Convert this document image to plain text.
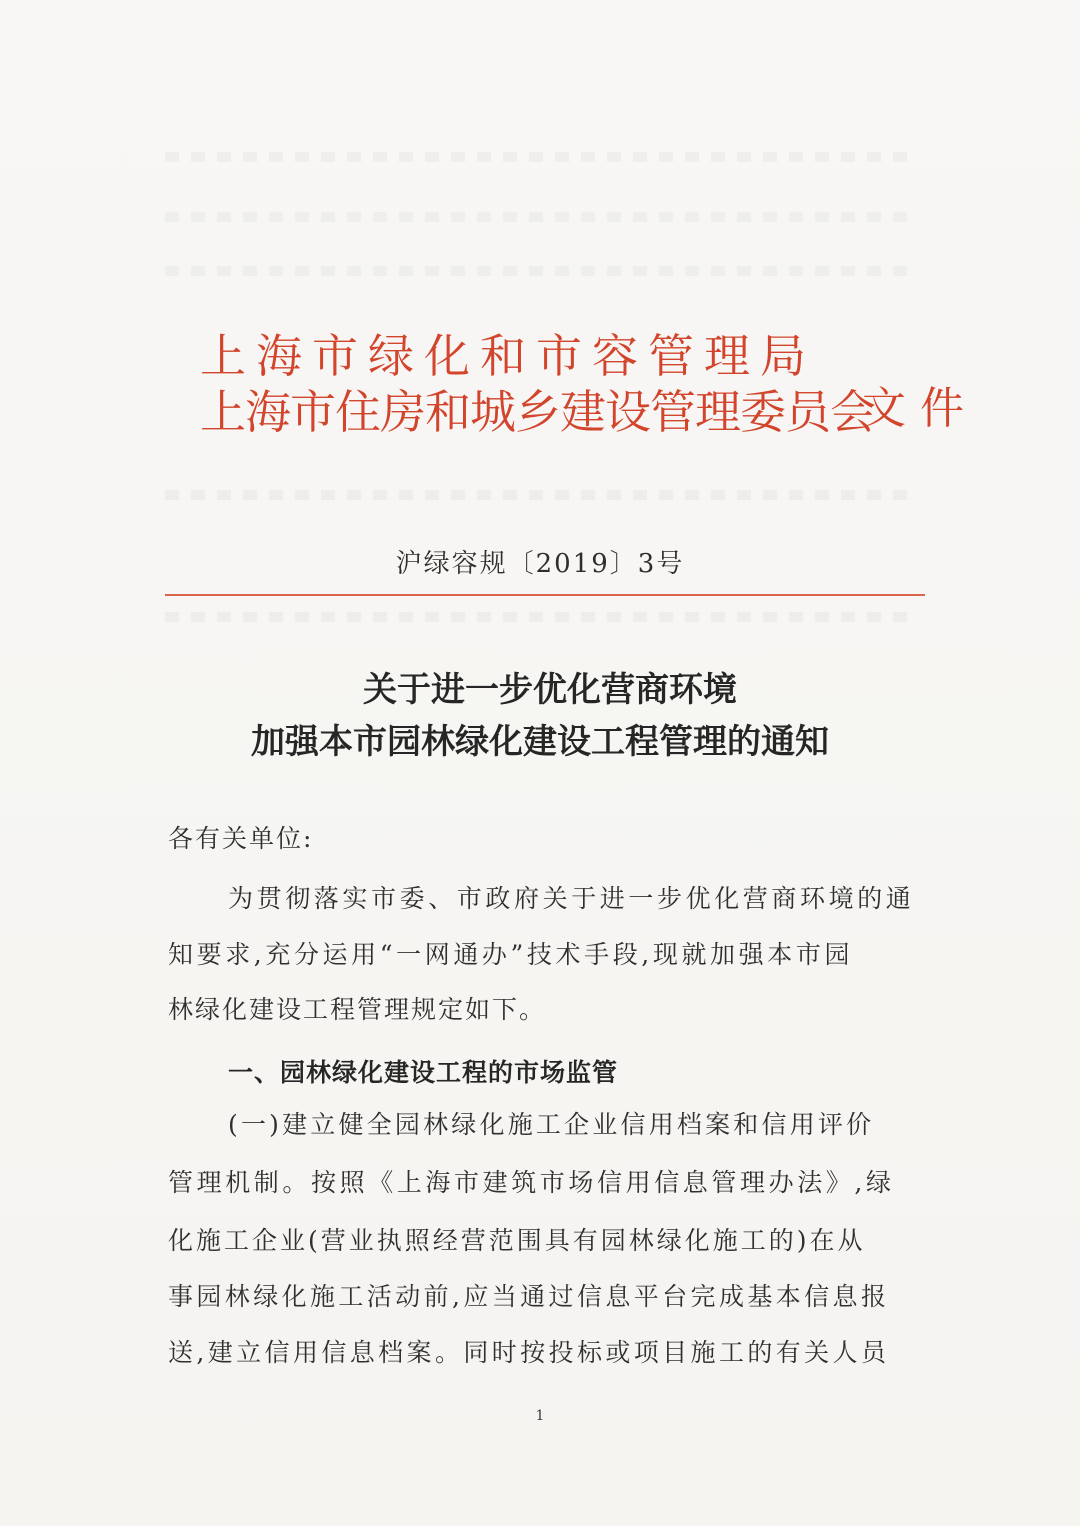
上海市绿化和市容管理局
上海市住房和城乡建设管理委员会
文件
沪绿容规〔2019〕3号
关于进一步优化营商环境
加强本市园林绿化建设工程管理的通知
各有关单位:
为贯彻落实市委、市政府关于进一步优化营商环境的通
知要求,充分运用“一网通办”技术手段,现就加强本市园
林绿化建设工程管理规定如下。
一、园林绿化建设工程的市场监管
(一)建立健全园林绿化施工企业信用档案和信用评价
管理机制。按照《上海市建筑市场信用信息管理办法》,绿
化施工企业(营业执照经营范围具有园林绿化施工的)在从
事园林绿化施工活动前,应当通过信息平台完成基本信息报
送,建立信用信息档案。同时按投标或项目施工的有关人员
1
